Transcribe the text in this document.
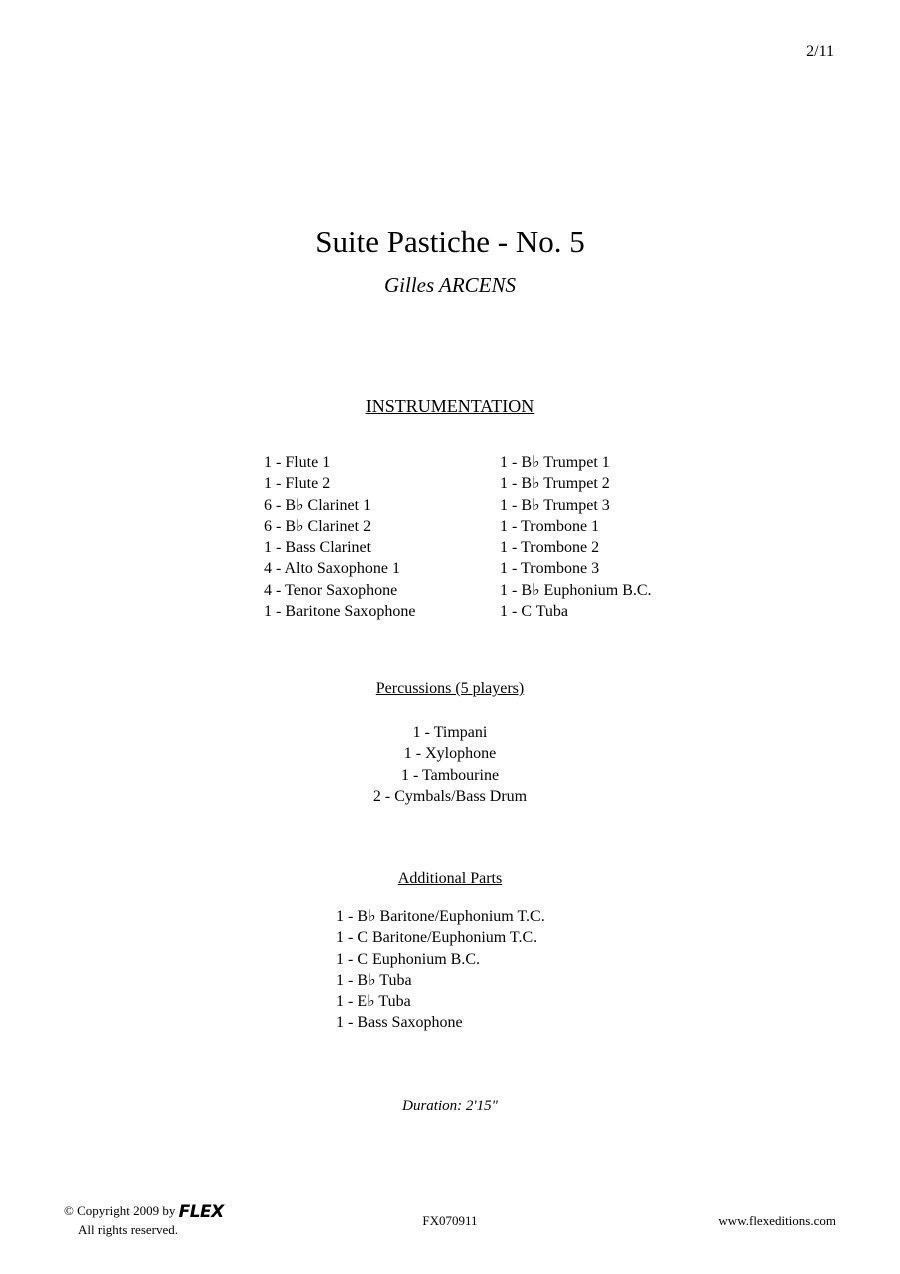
2/11
Suite Pastiche - No. 5
Gilles ARCENS
INSTRUMENTATION
1 - Flute 1
1 - Flute 2
6 - B♭ Clarinet 1
6 - B♭ Clarinet 2
1 - Bass Clarinet
4 - Alto Saxophone 1
4 - Tenor Saxophone
1 - Baritone Saxophone
1 - B♭ Trumpet 1
1 - B♭ Trumpet 2
1 - B♭ Trumpet 3
1 - Trombone 1
1 - Trombone 2
1 - Trombone 3
1 - B♭ Euphonium B.C.
1 - C Tuba
Percussions (5 players)
1 - Timpani
1 - Xylophone
1 - Tambourine
2 - Cymbals/Bass Drum
Additional Parts
1 - B♭ Baritone/Euphonium T.C.
1 - C Baritone/Euphonium T.C.
1 - C Euphonium B.C.
1 - B♭ Tuba
1 - E♭ Tuba
1 - Bass Saxophone
Duration: 2'15"
© Copyright 2009 by FLEX
All rights reserved.
FX070911	www.flexeditions.com
